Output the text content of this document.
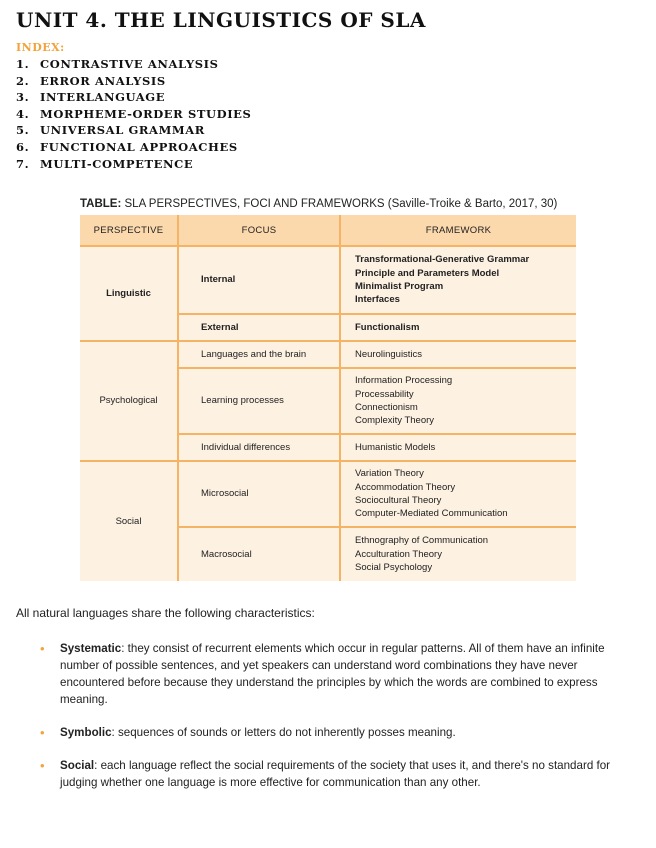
UNIT 4. THE LINGUISTICS OF SLA
INDEX:
1. CONTRASTIVE ANALYSIS
2. ERROR ANALYSIS
3. INTERLANGUAGE
4. MORPHEME-ORDER STUDIES
5. UNIVERSAL GRAMMAR
6. FUNCTIONAL APPROACHES
7. MULTI-COMPETENCE
TABLE: SLA PERSPECTIVES, FOCI AND FRAMEWORKS (Saville-Troike & Barto, 2017, 30)
PERSPECTIVE	FOCUS	FRAMEWORK
Linguistic	Internal	Transformational-Generative Grammar
Principle and Parameters Model
Minimalist Program
Interfaces

	External	Functionalism

Psychological	Languages and the brain	Neurolinguistics

	Learning processes	Information Processing
Processability
Connectionism
Complexity Theory

	Individual differences	Humanistic Models

Social	Microsocial	Variation Theory
Accommodation Theory
Sociocultural Theory
Computer-Mediated Communication

	Macrosocial	Ethnography of Communication
Acculturation Theory
Social Psychology

All natural languages share the following characteristics:

• Systematic: they consist of recurrent elements which occur in regular patterns. All of them have an infinite number of possible sentences, and yet speakers can understand word combinations they have never encountered before because they understand the principles by which the words are combined to express meaning.
• Symbolic: sequences of sounds or letters do not inherently posses meaning.
• Social: each language reflect the social requirements of the society that uses it, and there's no standard for judging whether one language is more effective for communication than any other.
